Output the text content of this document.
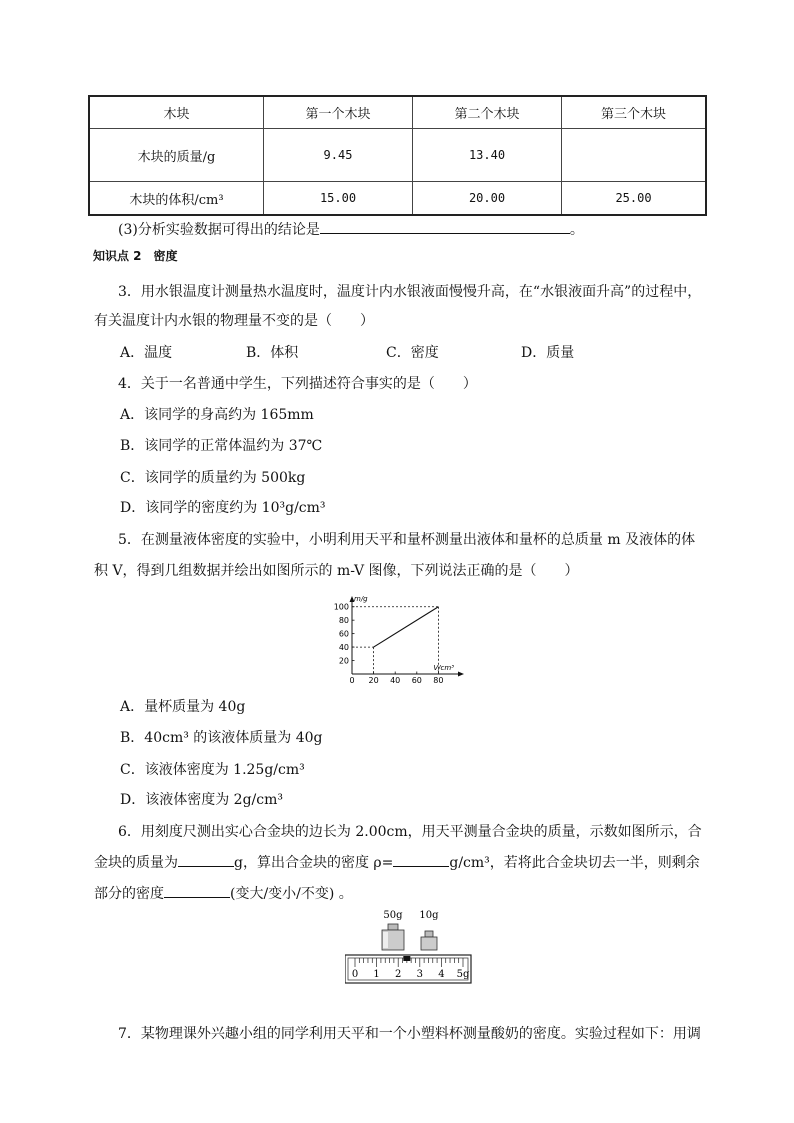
木块	第一个木块	第二个木块	第三个木块
木块的质量/g	9.45	13.40	
木块的体积/cm³	15.00	20.00	25.00
(3)分析实验数据可得出的结论是	。
知识点 2 密度
3．用水银温度计测量热水温度时，温度计内水银液面慢慢升高，在“水银液面升高”的过程中，
有关温度计内水银的物理量不变的是（　　）
A．温度	B．体积	C．密度	D．质量
4．关于一名普通中学生，下列描述符合事实的是（　　）
A．该同学的身高约为 165mm
B．该同学的正常体温约为 37℃
C．该同学的质量约为 500kg
D．该同学的密度约为 10³g/cm³
5．在测量液体密度的实验中，小明利用天平和量杯测量出液体和量杯的总质量 m 及液体的体
积 V，得到几组数据并绘出如图所示的 m-V 图像，下列说法正确的是（　　）
0 20 40 60 80
20
40
60
80
100
m/g
V/cm³
A．量杯质量为 40g
B．40cm³ 的该液体质量为 40g
C．该液体密度为 1.25g/cm³
D．该液体密度为 2g/cm³
6．用刻度尺测出实心合金块的边长为 2.00cm，用天平测量合金块的质量，示数如图所示，合
金块的质量为	g，算出合金块的密度 ρ=	g/cm³，若将此合金块切去一半，则剩余
部分的密度	(变大/变小/不变) 。
50g 10g
0 1 2 3 4 5g
7．某物理课外兴趣小组的同学利用天平和一个小塑料杯测量酸奶的密度。实验过程如下：用调
